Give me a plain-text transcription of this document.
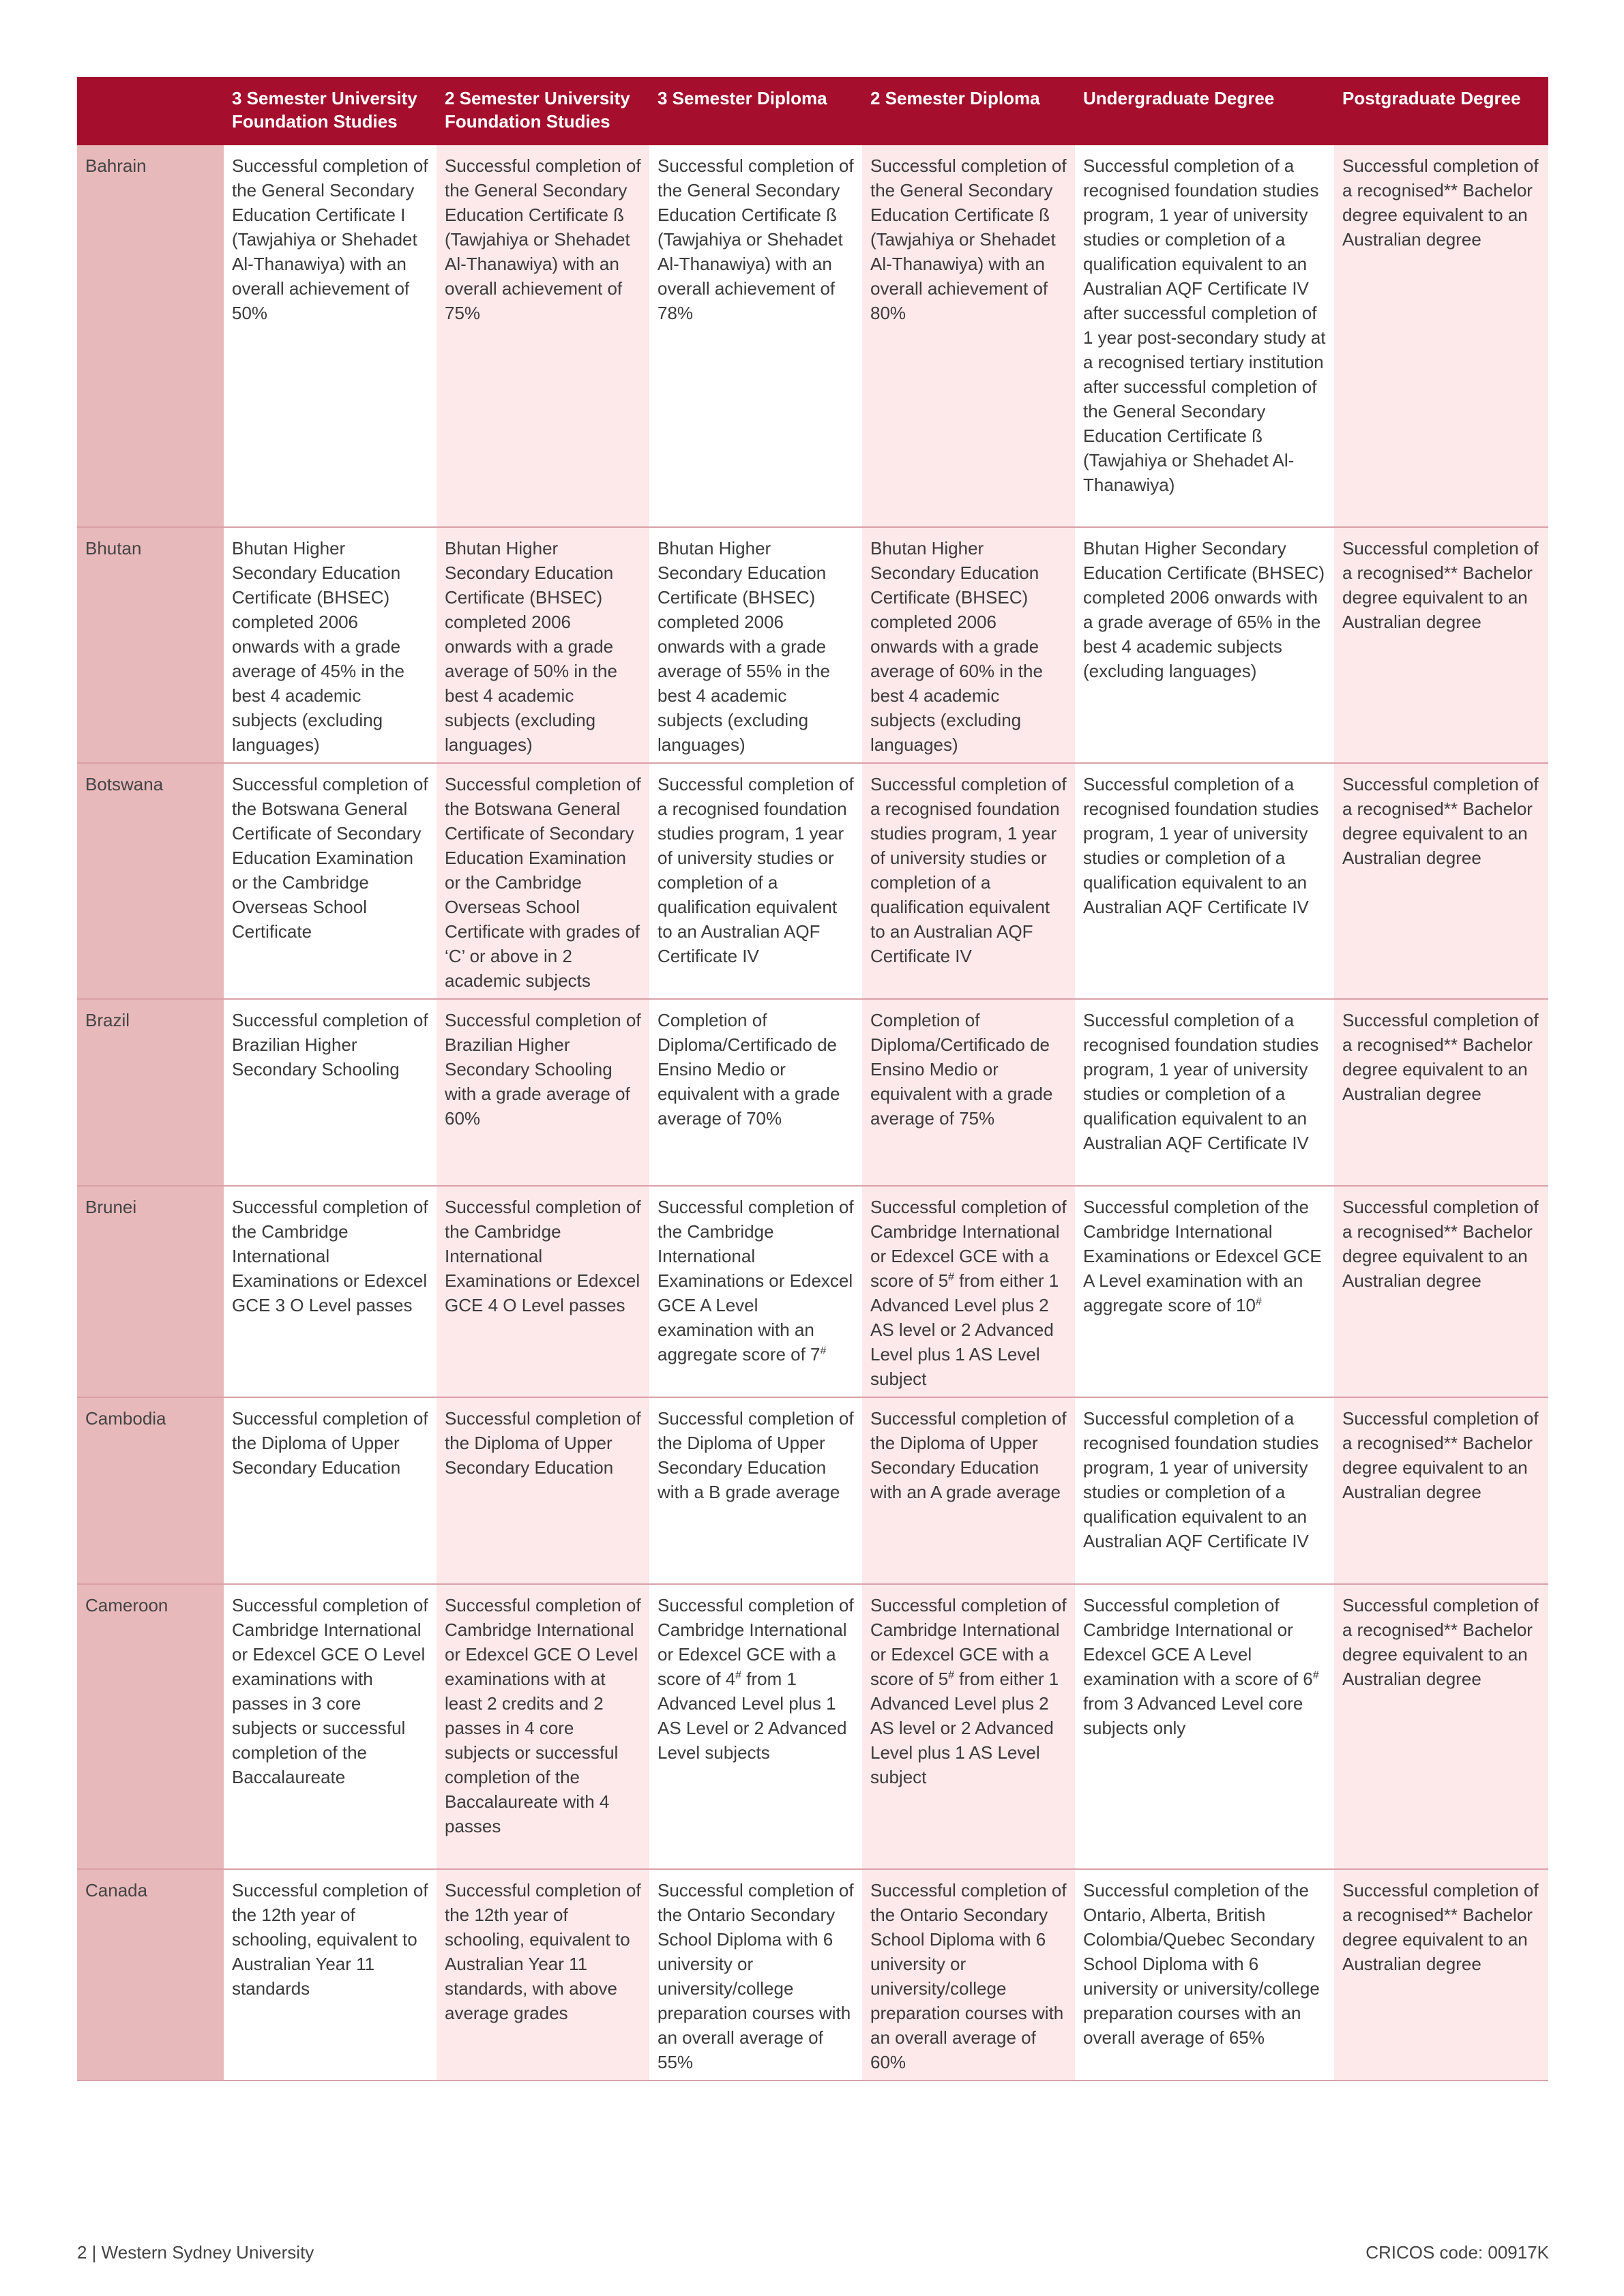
	3 Semester University Foundation Studies	2 Semester University Foundation Studies	3 Semester Diploma	2 Semester Diploma	Undergraduate Degree	Postgraduate Degree
Bahrain	Successful completion of the General Secondary Education Certificate I (Tawjahiya or Shehadet Al-Thanawiya) with an overall achievement of 50%	Successful completion of the General Secondary Education Certificate ß (Tawjahiya or Shehadet Al-Thanawiya) with an overall achievement of 75%	Successful completion of the General Secondary Education Certificate ß (Tawjahiya or Shehadet Al-Thanawiya) with an overall achievement of 78%	Successful completion of the General Secondary Education Certificate ß (Tawjahiya or Shehadet Al-Thanawiya) with an overall achievement of 80%	Successful completion of a recognised foundation studies program, 1 year of university studies or completion of a qualification equivalent to an Australian AQF Certificate IV after successful completion of 1 year post-secondary study at a recognised tertiary institution after successful completion of the General Secondary Education Certificate ß (Tawjahiya or Shehadet Al-Thanawiya)	Successful completion of a recognised** Bachelor degree equivalent to an Australian degree
Bhutan	Bhutan Higher Secondary Education Certificate (BHSEC) completed 2006 onwards with a grade average of 45% in the best 4 academic subjects (excluding languages)	Bhutan Higher Secondary Education Certificate (BHSEC) completed 2006 onwards with a grade average of 50% in the best 4 academic subjects (excluding languages)	Bhutan Higher Secondary Education Certificate (BHSEC) completed 2006 onwards with a grade average of 55% in the best 4 academic subjects (excluding languages)	Bhutan Higher Secondary Education Certificate (BHSEC) completed 2006 onwards with a grade average of 60% in the best 4 academic subjects (excluding languages)	Bhutan Higher Secondary Education Certificate (BHSEC) completed 2006 onwards with a grade average of 65% in the best 4 academic subjects (excluding languages)	Successful completion of a recognised** Bachelor degree equivalent to an Australian degree
Botswana	Successful completion of the Botswana General Certificate of Secondary Education Examination or the Cambridge Overseas School Certificate	Successful completion of the Botswana General Certificate of Secondary Education Examination or the Cambridge Overseas School Certificate with grades of ‘C’ or above in 2 academic subjects	Successful completion of a recognised foundation studies program, 1 year of university studies or completion of a qualification equivalent to an Australian AQF Certificate IV	Successful completion of a recognised foundation studies program, 1 year of university studies or completion of a qualification equivalent to an Australian AQF Certificate IV	Successful completion of a recognised foundation studies program, 1 year of university studies or completion of a qualification equivalent to an Australian AQF Certificate IV	Successful completion of a recognised** Bachelor degree equivalent to an Australian degree
Brazil	Successful completion of Brazilian Higher Secondary Schooling	Successful completion of Brazilian Higher Secondary Schooling with a grade average of 60%	Completion of Diploma/Certificado de Ensino Medio or equivalent with a grade average of 70%	Completion of Diploma/Certificado de Ensino Medio or equivalent with a grade average of 75%	Successful completion of a recognised foundation studies program, 1 year of university studies or completion of a qualification equivalent to an Australian AQF Certificate IV	Successful completion of a recognised** Bachelor degree equivalent to an Australian degree
Brunei	Successful completion of the Cambridge International Examinations or Edexcel GCE 3 O Level passes	Successful completion of the Cambridge International Examinations or Edexcel GCE 4 O Level passes	Successful completion of the Cambridge International Examinations or Edexcel GCE A Level examination with an aggregate score of 7#	Successful completion of Cambridge International or Edexcel GCE with a score of 5# from either 1 Advanced Level plus 2 AS level or 2 Advanced Level plus 1 AS Level subject	Successful completion of the Cambridge International Examinations or Edexcel GCE A Level examination with an aggregate score of 10#	Successful completion of a recognised** Bachelor degree equivalent to an Australian degree
Cambodia	Successful completion of the Diploma of Upper Secondary Education	Successful completion of the Diploma of Upper Secondary Education	Successful completion of the Diploma of Upper Secondary Education with a B grade average	Successful completion of the Diploma of Upper Secondary Education with an A grade average	Successful completion of a recognised foundation studies program, 1 year of university studies or completion of a qualification equivalent to an Australian AQF Certificate IV	Successful completion of a recognised** Bachelor degree equivalent to an Australian degree
Cameroon	Successful completion of Cambridge International or Edexcel GCE O Level examinations with passes in 3 core subjects or successful completion of the Baccalaureate	Successful completion of Cambridge International or Edexcel GCE O Level examinations with at least 2 credits and 2 passes in 4 core subjects or successful completion of the Baccalaureate with 4 passes	Successful completion of Cambridge International or Edexcel GCE with a score of 4# from 1 Advanced Level plus 1 AS Level or 2 Advanced Level subjects	Successful completion of Cambridge International or Edexcel GCE with a score of 5# from either 1 Advanced Level plus 2 AS level or 2 Advanced Level plus 1 AS Level subject	Successful completion of Cambridge International or Edexcel GCE A Level examination with a score of 6# from 3 Advanced Level core subjects only	Successful completion of a recognised** Bachelor degree equivalent to an Australian degree
Canada	Successful completion of the 12th year of schooling, equivalent to Australian Year 11 standards	Successful completion of the 12th year of schooling, equivalent to Australian Year 11 standards, with above average grades	Successful completion of the Ontario Secondary School Diploma with 6 university or university/college preparation courses with an overall average of 55%	Successful completion of the Ontario Secondary School Diploma with 6 university or university/college preparation courses with an overall average of 60%	Successful completion of the Ontario, Alberta, British Colombia/Quebec Secondary School Diploma with 6 university or university/college preparation courses with an overall average of 65%	Successful completion of a recognised** Bachelor degree equivalent to an Australian degree
2 | Western Sydney University	CRICOS code: 00917K
